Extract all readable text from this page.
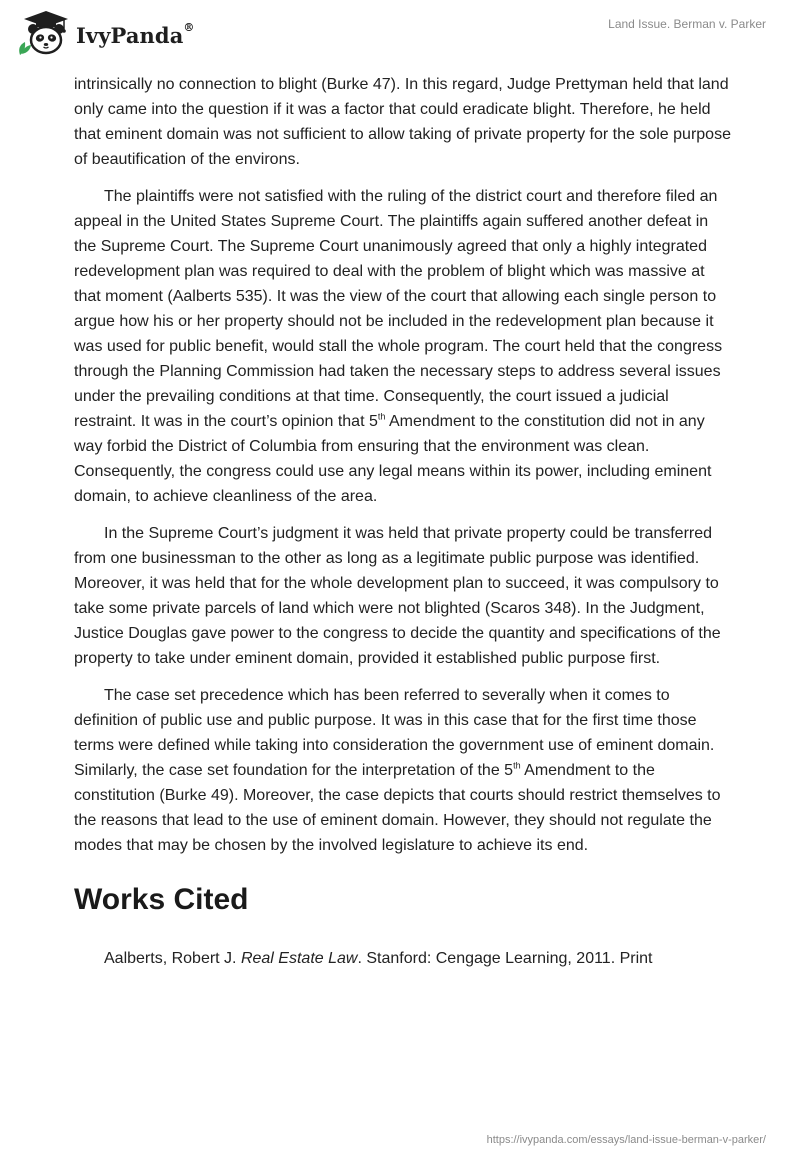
IvyPanda®	Land Issue. Berman v. Parker

intrinsically no connection to blight (Burke 47). In this regard, Judge Prettyman held that land only came into the question if it was a factor that could eradicate blight. Therefore, he held that eminent domain was not sufficient to allow taking of private property for the sole purpose of beautification of the environs.

The plaintiffs were not satisfied with the ruling of the district court and therefore filed an appeal in the United States Supreme Court. The plaintiffs again suffered another defeat in the Supreme Court. The Supreme Court unanimously agreed that only a highly integrated redevelopment plan was required to deal with the problem of blight which was massive at that moment (Aalberts 535). It was the view of the court that allowing each single person to argue how his or her property should not be included in the redevelopment plan because it was used for public benefit, would stall the whole program. The court held that the congress through the Planning Commission had taken the necessary steps to address several issues under the prevailing conditions at that time. Consequently, the court issued a judicial restraint. It was in the court’s opinion that 5th Amendment to the constitution did not in any way forbid the District of Columbia from ensuring that the environment was clean. Consequently, the congress could use any legal means within its power, including eminent domain, to achieve cleanliness of the area.

In the Supreme Court’s judgment it was held that private property could be transferred from one businessman to the other as long as a legitimate public purpose was identified. Moreover, it was held that for the whole development plan to succeed, it was compulsory to take some private parcels of land which were not blighted (Scaros 348). In the Judgment, Justice Douglas gave power to the congress to decide the quantity and specifications of the property to take under eminent domain, provided it established public purpose first.

The case set precedence which has been referred to severally when it comes to definition of public use and public purpose. It was in this case that for the first time those terms were defined while taking into consideration the government use of eminent domain. Similarly, the case set foundation for the interpretation of the 5th Amendment to the constitution (Burke 49). Moreover, the case depicts that courts should restrict themselves to the reasons that lead to the use of eminent domain. However, they should not regulate the modes that may be chosen by the involved legislature to achieve its end.

Works Cited

Aalberts, Robert J. Real Estate Law. Stanford: Cengage Learning, 2011. Print

https://ivypanda.com/essays/land-issue-berman-v-parker/
